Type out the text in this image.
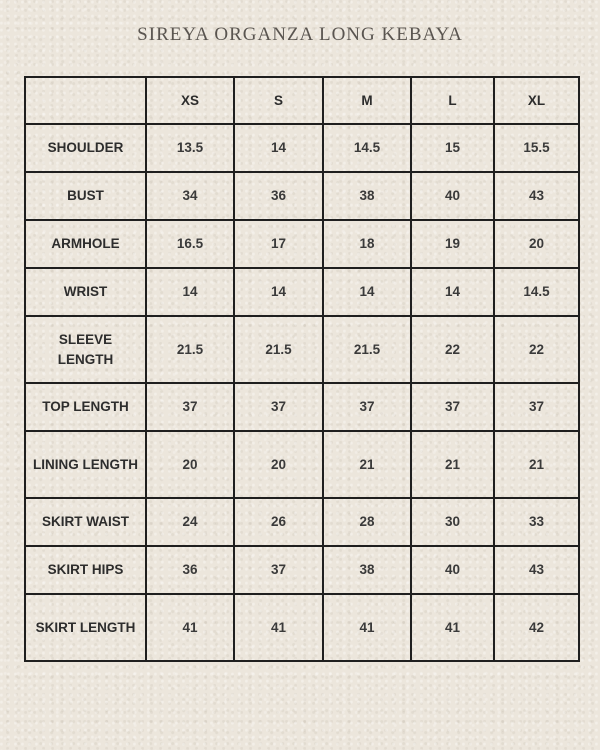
SIREYA ORGANZA LONG KEBAYA
	XS	S	M	L	XL
SHOULDER	13.5	14	14.5	15	15.5
BUST	34	36	38	40	43
ARMHOLE	16.5	17	18	19	20
WRIST	14	14	14	14	14.5
SLEEVE LENGTH	21.5	21.5	21.5	22	22
TOP LENGTH	37	37	37	37	37
LINING LENGTH	20	20	21	21	21
SKIRT WAIST	24	26	28	30	33
SKIRT HIPS	36	37	38	40	43
SKIRT LENGTH	41	41	41	41	42
